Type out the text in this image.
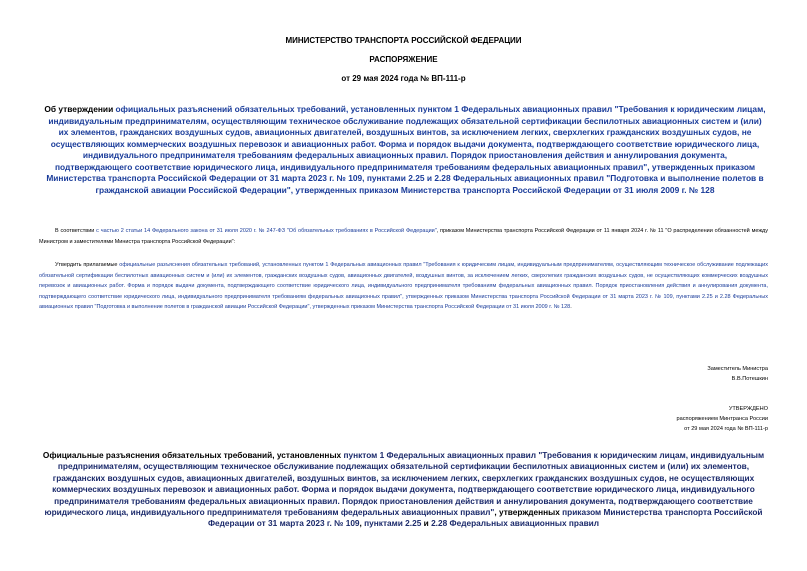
МИНИСТЕРСТВО ТРАНСПОРТА РОССИЙСКОЙ ФЕДЕРАЦИИ
РАСПОРЯЖЕНИЕ
от 29 мая 2024 года № ВП-111-р
Об утверждении официальных разъяснений обязательных требований, установленных пунктом 1 Федеральных авиационных правил "Требования к юридическим лицам, индивидуальным предпринимателям, осуществляющим техническое обслуживание подлежащих обязательной сертификации беспилотных авиационных систем и (или) их элементов, гражданских воздушных судов, авиационных двигателей, воздушных винтов, за исключением легких, сверхлегких гражданских воздушных судов, не осуществляющих коммерческих воздушных перевозок и авиационных работ. Форма и порядок выдачи документа, подтверждающего соответствие юридического лица, индивидуального предпринимателя требованиям федеральных авиационных правил. Порядок приостановления действия и аннулирования документа, подтверждающего соответствие юридического лица, индивидуального предпринимателя требованиям федеральных авиационных правил", утвержденных приказом Министерства транспорта Российской Федерации от 31 марта 2023 г. № 109, пунктами 2.25 и 2.28 Федеральных авиационных правил "Подготовка и выполнение полетов в гражданской авиации Российской Федерации", утвержденных приказом Министерства транспорта Российской Федерации от 31 июля 2009 г. № 128
В соответствии с частью 2 статьи 14 Федерального закона от 31 июля 2020 г. № 247-ФЗ "Об обязательных требованиях в Российской Федерации", приказом Министерства транспорта Российской Федерации от 11 января 2024 г. № 11 "О распределении обязанностей между Министром и заместителями Министра транспорта Российской Федерации":
Утвердить прилагаемые официальные разъяснения обязательных требований, установленных пунктом 1 Федеральных авиационных правил "Требования к юридическим лицам, индивидуальным предпринимателям, осуществляющим техническое обслуживание подлежащих обязательной сертификации беспилотных авиационных систем и (или) их элементов, гражданских воздушных судов, авиационных двигателей, воздушных винтов, за исключением легких, сверхлегких гражданских воздушных судов, не осуществляющих коммерческих воздушных перевозок и авиационных работ. Форма и порядок выдачи документа, подтверждающего соответствие юридического лица, индивидуального предпринимателя требованиям федеральных авиационных правил. Порядок приостановления действия и аннулирования документа, подтверждающего соответствие юридического лица, индивидуального предпринимателя требованиям федеральных авиационных правил", утвержденных приказом Министерства транспорта Российской Федерации от 31 марта 2023 г. № 109, пунктами 2.25 и 2.28 Федеральных авиационных правил "Подготовка и выполнение полетов в гражданской авиации Российской Федерации", утвержденных приказом Министерства транспорта Российской Федерации от 31 июля 2009 г. № 128.
Заместитель Министра
В.В.Потешкин
УТВЕРЖДЕНО
распоряжением Минтранса России
от 29 мая 2024 года № ВП-111-р
Официальные разъяснения обязательных требований, установленных пунктом 1 Федеральных авиационных правил "Требования к юридическим лицам, индивидуальным предпринимателям, осуществляющим техническое обслуживание подлежащих обязательной сертификации беспилотных авиационных систем и (или) их элементов, гражданских воздушных судов, авиационных двигателей, воздушных винтов, за исключением легких, сверхлегких гражданских воздушных судов, не осуществляющих коммерческих воздушных перевозок и авиационных работ. Форма и порядок выдачи документа, подтверждающего соответствие юридического лица, индивидуального предпринимателя требованиям федеральных авиационных правил. Порядок приостановления действия и аннулирования документа, подтверждающего соответствие юридического лица, индивидуального предпринимателя требованиям федеральных авиационных правил", утвержденных приказом Министерства транспорта Российской Федерации от 31 марта 2023 г. № 109, пунктами 2.25 и 2.28 Федеральных авиационных правил
